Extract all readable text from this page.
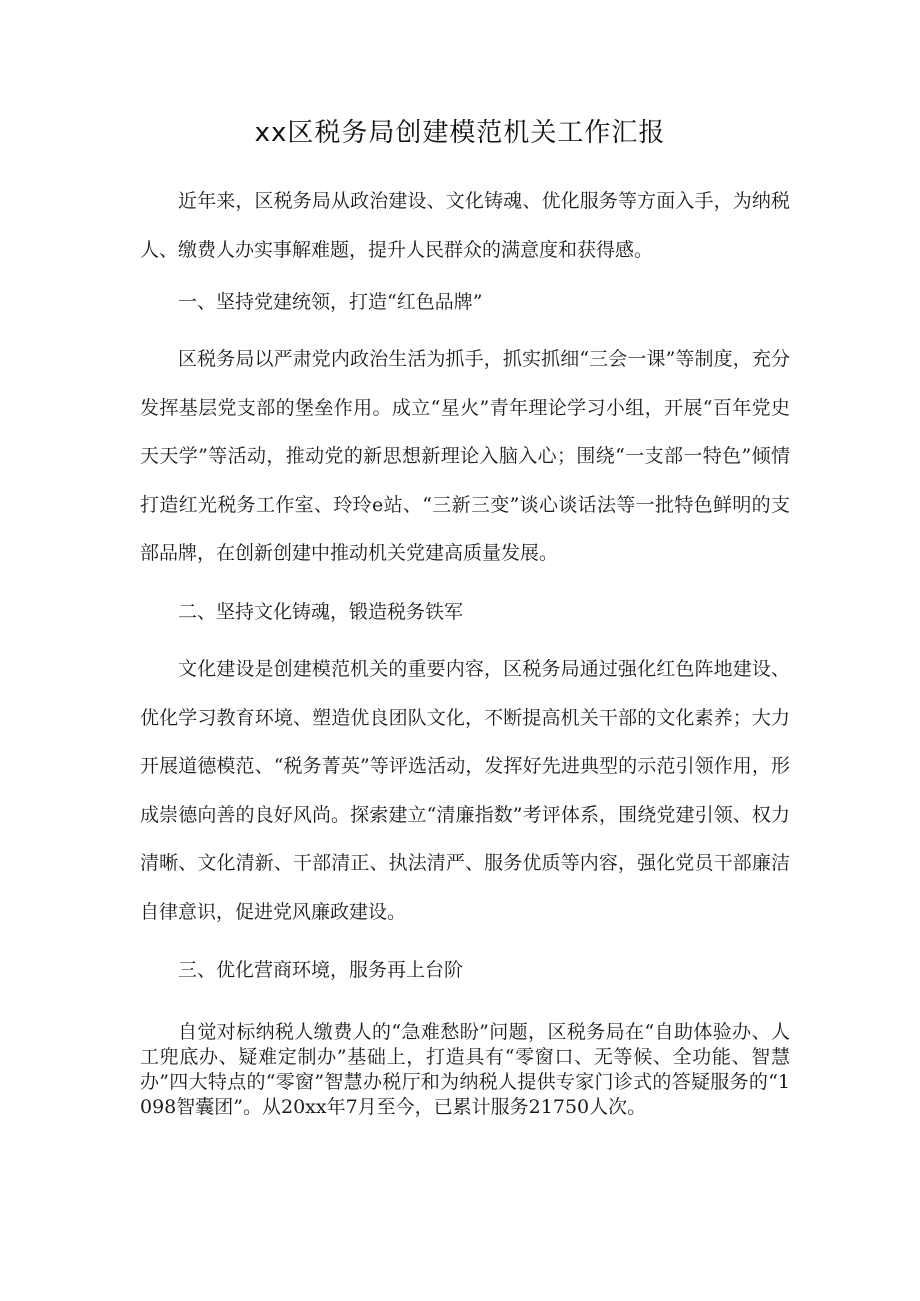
xx区税务局创建模范机关工作汇报

近年来，区税务局从政治建设、文化铸魂、优化服务等方面入手，为纳税人、缴费人办实事解难题，提升人民群众的满意度和获得感。

一、坚持党建统领，打造“红色品牌”

区税务局以严肃党内政治生活为抓手，抓实抓细“三会一课”等制度，充分发挥基层党支部的堡垒作用。成立“星火”青年理论学习小组，开展“百年党史天天学”等活动，推动党的新思想新理论入脑入心；围绕“一支部一特色”倾情打造红光税务工作室、玲玲e站、“三新三变”谈心谈话法等一批特色鲜明的支部品牌，在创新创建中推动机关党建高质量发展。

二、坚持文化铸魂，锻造税务铁军

文化建设是创建模范机关的重要内容，区税务局通过强化红色阵地建设、优化学习教育环境、塑造优良团队文化，不断提高机关干部的文化素养；大力开展道德模范、“税务菁英”等评选活动，发挥好先进典型的示范引领作用，形成崇德向善的良好风尚。探索建立“清廉指数”考评体系，围绕党建引领、权力清晰、文化清新、干部清正、执法清严、服务优质等内容，强化党员干部廉洁自律意识，促进党风廉政建设。

三、优化营商环境，服务再上台阶

自觉对标纳税人缴费人的“急难愁盼”问题，区税务局在“自助体验办、人工兜底办、疑难定制办”基础上，打造具有“零窗口、无等候、全功能、智慧办”四大特点的“零窗”智慧办税厅和为纳税人提供专家门诊式的答疑服务的“1098智囊团”。从20xx年7月至今，已累计服务21750人次。
